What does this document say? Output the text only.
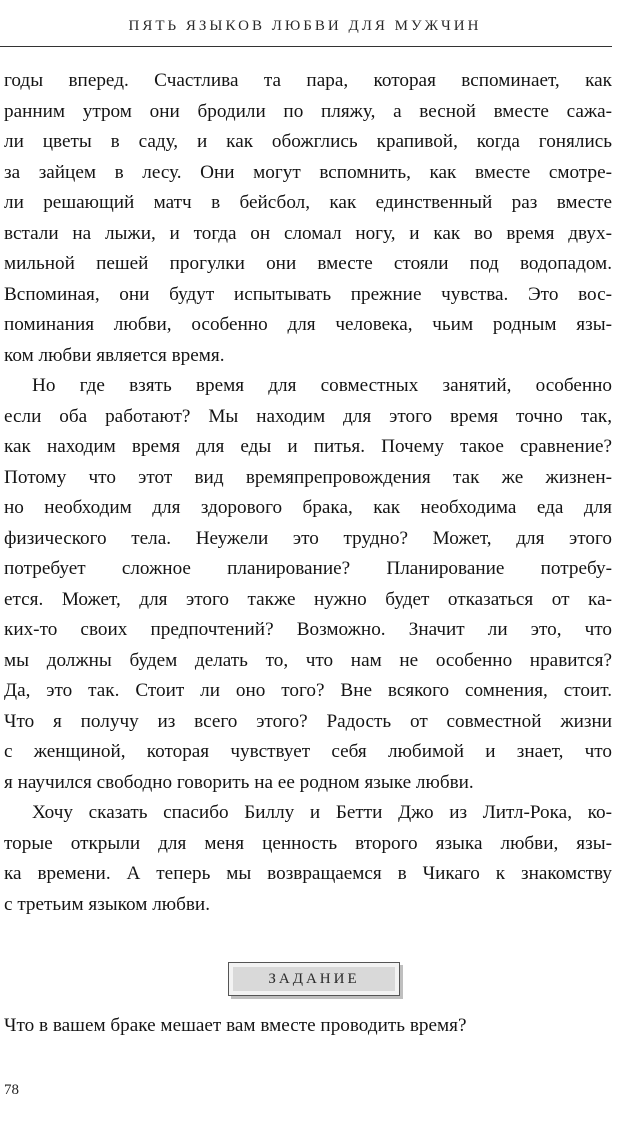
ПЯТЬ ЯЗЫКОВ ЛЮБВИ ДЛЯ МУЖЧИН
годы вперед. Счастлива та пара, которая вспоминает, как
ранним утром они бродили по пляжу, а весной вместе сажа-
ли цветы в саду, и как обожглись крапивой, когда гонялись
за зайцем в лесу. Они могут вспомнить, как вместе смотре-
ли решающий матч в бейсбол, как единственный раз вместе
встали на лыжи, и тогда он сломал ногу, и как во время двух-
мильной пешей прогулки они вместе стояли под водопадом.
Вспоминая, они будут испытывать прежние чувства. Это вос-
поминания любви, особенно для человека, чьим родным язы-
ком любви является время.
Но где взять время для совместных занятий, особенно
если оба работают? Мы находим для этого время точно так,
как находим время для еды и питья. Почему такое сравнение?
Потому что этот вид времяпрепровождения так же жизнен-
но необходим для здорового брака, как необходима еда для
физического тела. Неужели это трудно? Может, для этого
потребует сложное планирование? Планирование потребу-
ется. Может, для этого также нужно будет отказаться от ка-
ких-то своих предпочтений? Возможно. Значит ли это, что
мы должны будем делать то, что нам не особенно нравится?
Да, это так. Стоит ли оно того? Вне всякого сомнения, стоит.
Что я получу из всего этого? Радость от совместной жизни
с женщиной, которая чувствует себя любимой и знает, что
я научился свободно говорить на ее родном языке любви.
Хочу сказать спасибо Биллу и Бетти Джо из Литл-Рока, ко-
торые открыли для меня ценность второго языка любви, язы-
ка времени. А теперь мы возвращаемся в Чикаго к знакомству
с третьим языком любви.
ЗАДАНИЕ
Что в вашем браке мешает вам вместе проводить время?
78
